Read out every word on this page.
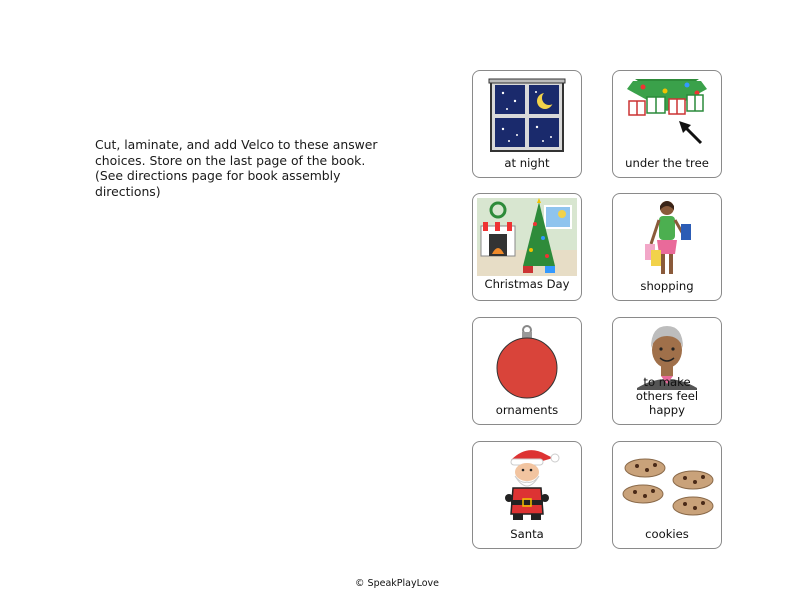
Cut, laminate, and add Velco to these answer choices. Store on the last page of the book. (See directions page for book assembly directions)

at night	under the tree
Christmas Day	shopping
ornaments
to make others feel happy
Santa	cookies
© SpeakPlayLove
